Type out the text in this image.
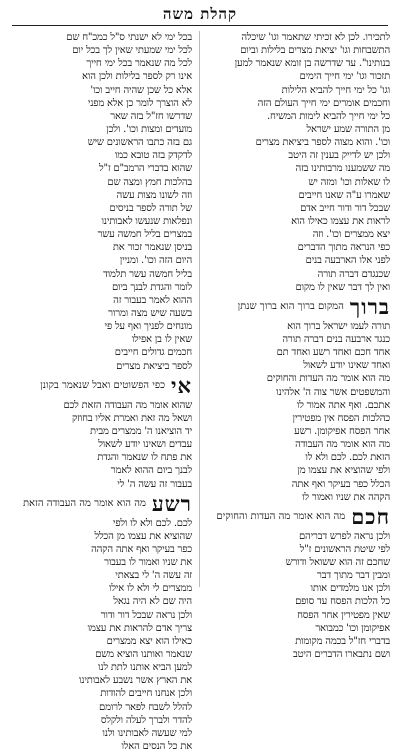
קהלת משה
לתכירו. לכן לא זכיתי שתאמר וגו' שיכלה
התשבחות וגו' יציאת מצרים בלילות וביום
בנותינו". עד שדרשה בן זומא שנאמר למען
תזכור וגו' ימי חייך הימים
וגו' כל ימי חייך להביא הלילות
וחכמים אומרים ימי חייך העולם הזה
כל ימי חייך להביא לימות המשיח.
מן התורה שמע ישראל
וכו'. והוא מצוה לספר ביציאת מצרים
ולכן יש לדייק בענין זה היטב
מה ששמענו מרבותינו בזה
לו שאלות וכו' ומזה יש
שאמרו ע"ה שאנו חייבים
שבכל דור ודור חייב אדם
לראות את עצמו כאילו הוא
יצא ממצרים וכו'. וזה
כפי הנראה מתוך הדברים
לפני אלו הארבעה בנים
שכנגדם דברה תורה
ואין לך דבר שאין לו מקום
ברוך
המקום ברוך הוא ברוך שנתן
תורה לעמו ישראל ברוך הוא
כנגד ארבעה בנים דברה תורה
אחד חכם ואחד רשע ואחד תם
ואחד שאינו יודע לשאול
מה הוא אומר מה העדות והחוקים
והמשפטים אשר צוה ה' אלהינו
אתכם. ואף אתה אמור לו
כהלכות הפסח אין מפטירין
אחר הפסח אפיקומן. רשע
מה הוא אומר מה העבודה
הזאת לכם. לכם ולא לו
ולפי שהוציא את עצמו מן
הכלל כפר בעיקר ואף אתה
הקהה את שניו ואמור לו
חכם
מה הוא אומר מה העדות והחוקים
ולכן נראה לפרש דבריהם
לפי שיטת הראשונים ז"ל
שחכם זה הוא ששואל ודורש
ומבין דבר מתוך דבר
ולכן אנו מלמדים אותו
כל הלכות הפסח עד סופם
שאין מפטירין אחר הפסח
אפיקומן וכו' כמבואר
בדברי חז"ל בכמה מקומות
ושם נתבארו הדברים היטב
בכל ימי לא ישנתי ס"ל כמכ"ח שם
לכל ימי שמעתי שאין לך בכל יום
לכל מה שנאמר בכל ימי חייך
אינו רק לספר בלילות ולכן הוא
אלא כל שכן שהיה חייב וכו'
לא הוצרך לומר כן אלא מפני
שדרשו חז"ל בזה שאר
מועדים ומצות וכו'. ולכן
גם בזה כתבו הראשונים שיש
לדקדק בזה טובא כמו
שהוא בדברי הרמב"ם ז"ל
בהלכות חמץ ומצה שם
וזה לשונו מצות עשה
של תורה לספר בניסים
ונפלאות שנעשו לאבותינו
במצרים בליל חמשה עשר
בניסן שנאמר זכור את
היום הזה וכו'. ומניין
בליל חמשה עשר תלמוד
לומר והגדת לבנך ביום
ההוא לאמר בעבור זה
בשעה שיש מצה ומרור
מונחים לפניך ואף על פי
שאין לו בן אפילו
חכמים גדולים חייבים
לספר ביציאת מצרים
אי
כפי הפשוטים ואבל שנאמר בקונן
שהוא אומר מה העבודה הזאת לכם
ושאל מה זאת ואמרת אליו בחוזק
יד הוציאנו ה' ממצרים מבית
עבדים ושאינו יודע לשאול
את פתח לו שנאמר והגדת
לבנך ביום ההוא לאמר
בעבור זה עשה ה' לי
רשע
מה הוא אומר מה העבודה הזאת
לכם. לכם ולא לו ולפי
שהוציא את עצמו מן הכלל
כפר בעיקר ואף אתה הקהה
את שניו ואמור לו בעבור
זה עשה ה' לי בצאתי
ממצרים לי ולא לו אילו
היה שם לא היה נגאל
ולכן נראה שבכל דור ודור
צריך אדם להראות את עצמו
כאילו הוא יצא ממצרים
שנאמר ואותנו הוציא משם
למען הביא אותנו לתת לנו
את הארץ אשר נשבע לאבותינו
ולכן אנחנו חייבים להודות
להלל לשבח לפאר לרומם
להדר ולברך לעלה ולקלס
למי שעשה לאבותינו ולנו
את כל הנסים האלו
